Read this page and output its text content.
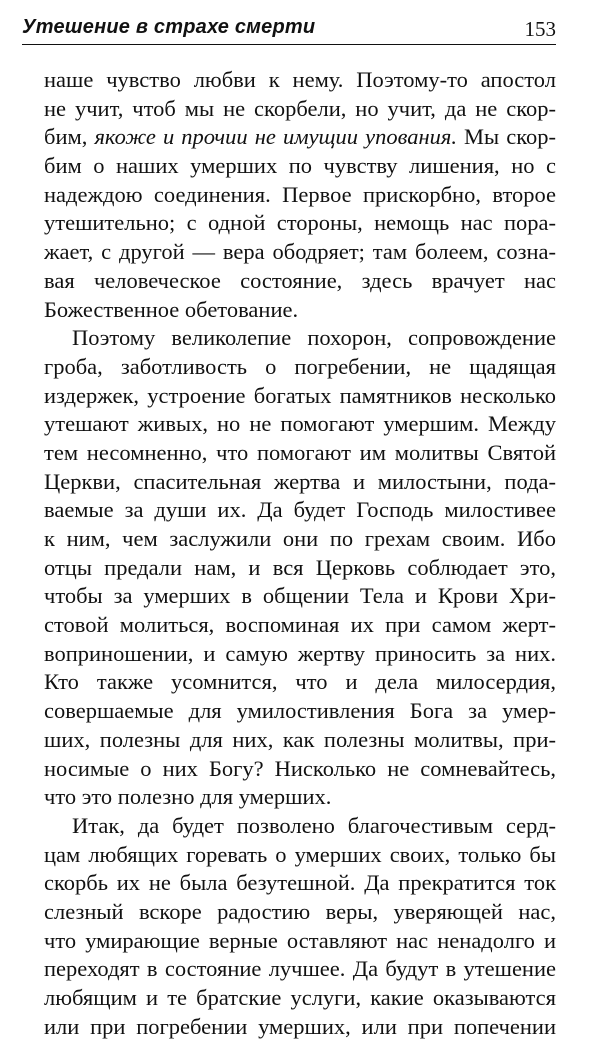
Утешение в страхе смерти	153
наше чувство любви к нему. Поэтому-то апостол
не учит, чтоб мы не скорбели, но учит, да не скор-
бим, якоже и прочии не имущии упования. Мы скор-
бим о наших умерших по чувству лишения, но с
надеждою соединения. Первое прискорбно, второе
утешительно; с одной стороны, немощь нас пора-
жает, с другой — вера ободряет; там болеем, созна-
вая человеческое состояние, здесь врачует нас
Божественное обетование.
Поэтому великолепие похорон, сопровождение
гроба, заботливость о погребении, не щадящая
издержек, устроение богатых памятников несколько
утешают живых, но не помогают умершим. Между
тем несомненно, что помогают им молитвы Святой
Церкви, спасительная жертва и милостыни, пода-
ваемые за души их. Да будет Господь милостивее
к ним, чем заслужили они по грехам своим. Ибо
отцы предали нам, и вся Церковь соблюдает это,
чтобы за умерших в общении Тела и Крови Хри-
стовой молиться, воспоминая их при самом жерт-
воприношении, и самую жертву приносить за них.
Кто также усомнится, что и дела милосердия,
совершаемые для умилостивления Бога за умер-
ших, полезны для них, как полезны молитвы, при-
носимые о них Богу? Нисколько не сомневайтесь,
что это полезно для умерших.
Итак, да будет позволено благочестивым серд-
цам любящих горевать о умерших своих, только бы
скорбь их не была безутешной. Да прекратится ток
слезный вскоре радостию веры, уверяющей нас,
что умирающие верные оставляют нас ненадолго и
переходят в состояние лучшее. Да будут в утешение
любящим и те братские услуги, какие оказываются
или при погребении умерших, или при попечении
